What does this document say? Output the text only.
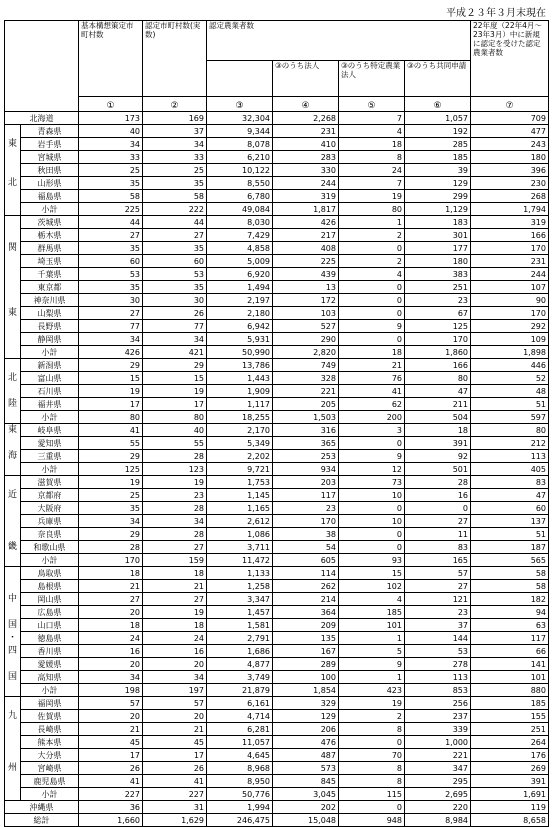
平成２３年３月末現在
		基本構想策定市町村数	認定市町村数(実数)	認定農業者数				22年度（22年4月〜23年3月）中に新規に認定を受けた認定農業者数
					③のうち法人	③のうち特定農業法人	③のうち共同申請	
		①	②	③	④	⑤	⑥	⑦
北海道		173	169	32,304	2,268	7	1,057	709
	青森県	40	37	9,344	231	4	192	477
東	岩手県	34	34	8,078	410	18	285	243
	宮城県	33	33	6,210	283	8	185	180
	秋田県	25	25	10,122	330	24	39	396
北	山形県	35	35	8,550	244	7	129	230
	福島県	58	58	6,780	319	19	299	268
	小計	225	222	49,084	1,817	80	1,129	1,794
	茨城県	44	44	8,030	426	1	183	319
	栃木県	27	27	7,429	217	2	301	166
関	群馬県	35	35	4,858	408	0	177	170
	埼玉県	60	60	5,009	225	2	180	231
	千葉県	53	53	6,920	439	4	383	244
	東京都	35	35	1,494	13	0	251	107
	神奈川県	30	30	2,197	172	0	23	90
東	山梨県	27	26	2,180	103	0	67	170
	長野県	77	77	6,942	527	9	125	292
	静岡県	34	34	5,931	290	0	170	109
	小計	426	421	50,990	2,820	18	1,860	1,898
	新潟県	29	29	13,786	749	21	166	446
北	富山県	15	15	1,443	328	76	80	52
	石川県	19	19	1,909	221	41	47	48
陸	福井県	17	17	1,117	205	62	211	51
	小計	80	80	18,255	1,503	200	504	597
東	岐阜県	41	40	2,170	316	3	18	80
	愛知県	55	55	5,349	365	0	391	212
海	三重県	29	28	2,202	253	9	92	113
	小計	125	123	9,721	934	12	501	405
	滋賀県	19	19	1,753	203	73	28	83
近	京都府	25	23	1,145	117	10	16	47
	大阪府	35	28	1,165	23	0	0	60
	兵庫県	34	34	2,612	170	10	27	137
	奈良県	29	28	1,086	38	0	11	51
畿	和歌山県	28	27	3,711	54	0	83	187
	小計	170	159	11,472	605	93	165	565
	鳥取県	18	18	1,133	114	15	57	58
	島根県	21	21	1,258	262	102	27	58
中	岡山県	27	27	3,347	214	4	121	182
	広島県	20	19	1,457	364	185	23	94
国	山口県	18	18	1,581	209	101	37	63
・	徳島県	24	24	2,791	135	1	144	117
四	香川県	16	16	1,686	167	5	53	66
	愛媛県	20	20	4,877	289	9	278	141
国	高知県	34	34	3,749	100	1	113	101
	小計	198	197	21,879	1,854	423	853	880
	福岡県	57	57	6,161	329	19	256	185
九	佐賀県	20	20	4,714	129	2	237	155
	長崎県	21	21	6,281	206	8	339	251
	熊本県	45	45	11,057	476	0	1,000	264
	大分県	17	17	4,645	487	70	221	176
州	宮崎県	26	26	8,968	573	8	347	269
	鹿児島県	41	41	8,950	845	8	295	391
	小計	227	227	50,776	3,045	115	2,695	1,691
沖縄県		36	31	1,994	202	0	220	119
総計		1,660	1,629	246,475	15,048	948	8,984	8,658
